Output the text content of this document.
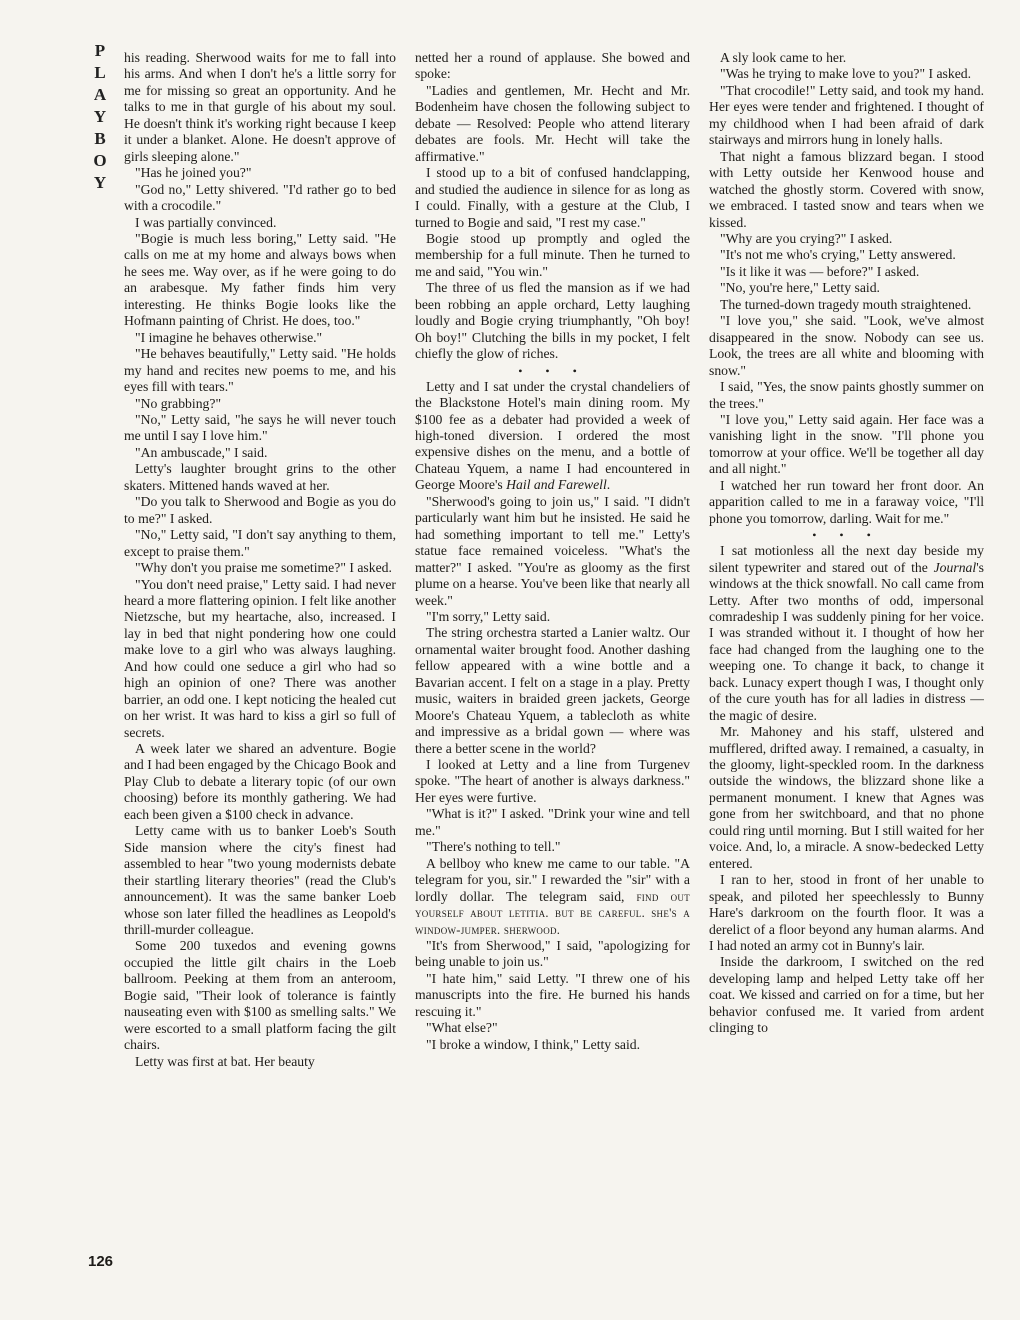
P
L
A
Y
B
O
Y
126

his reading. Sherwood waits for me to fall into his arms. And when I don't he's a little sorry for me for missing so great an opportunity. And he talks to me in that gurgle of his about my soul. He doesn't think it's working right because I keep it under a blanket. Alone. He doesn't approve of girls sleeping alone."

"Has he joined you?"

"God no," Letty shivered. "I'd rather go to bed with a crocodile."

I was partially convinced.

"Bogie is much less boring," Letty said. "He calls on me at my home and always bows when he sees me. Way over, as if he were going to do an arabesque. My father finds him very interesting. He thinks Bogie looks like the Hofmann painting of Christ. He does, too."

"I imagine he behaves otherwise."

"He behaves beautifully," Letty said. "He holds my hand and recites new poems to me, and his eyes fill with tears."

"No grabbing?"

"No," Letty said, "he says he will never touch me until I say I love him."

"An ambuscade," I said.

Letty's laughter brought grins to the other skaters. Mittened hands waved at her.

"Do you talk to Sherwood and Bogie as you do to me?" I asked.

"No," Letty said, "I don't say anything to them, except to praise them."

"Why don't you praise me sometime?" I asked.

"You don't need praise," Letty said. I had never heard a more flattering opinion. I felt like another Nietzsche, but my heartache, also, increased. I lay in bed that night pondering how one could make love to a girl who was always laughing. And how could one seduce a girl who had so high an opinion of one? There was another barrier, an odd one. I kept noticing the healed cut on her wrist. It was hard to kiss a girl so full of secrets.

A week later we shared an adventure. Bogie and I had been engaged by the Chicago Book and Play Club to debate a literary topic (of our own choosing) before its monthly gathering. We had each been given a $100 check in advance.

Letty came with us to banker Loeb's South Side mansion where the city's finest had assembled to hear "two young modernists debate their startling literary theories" (read the Club's announcement). It was the same banker Loeb whose son later filled the headlines as Leopold's thrill-murder colleague.

Some 200 tuxedos and evening gowns occupied the little gilt chairs in the Loeb ballroom. Peeking at them from an anteroom, Bogie said, "Their look of tolerance is faintly nauseating even with $100 as smelling salts." We were escorted to a small platform facing the gilt chairs.

Letty was first at bat. Her beauty

netted her a round of applause. She bowed and spoke:

"Ladies and gentlemen, Mr. Hecht and Mr. Bodenheim have chosen the following subject to debate — Resolved: People who attend literary debates are fools. Mr. Hecht will take the affirmative."

I stood up to a bit of confused handclapping, and studied the audience in silence for as long as I could. Finally, with a gesture at the Club, I turned to Bogie and said, "I rest my case."

Bogie stood up promptly and ogled the membership for a full minute. Then he turned to me and said, "You win."

The three of us fled the mansion as if we had been robbing an apple orchard, Letty laughing loudly and Bogie crying triumphantly, "Oh boy! Oh boy!" Clutching the bills in my pocket, I felt chiefly the glow of riches.

• • •

Letty and I sat under the crystal chandeliers of the Blackstone Hotel's main dining room. My $100 fee as a debater had provided a week of high-toned diversion. I ordered the most expensive dishes on the menu, and a bottle of Chateau Yquem, a name I had encountered in George Moore's Hail and Farewell.

"Sherwood's going to join us," I said. "I didn't particularly want him but he insisted. He said he had something important to tell me." Letty's statue face remained voiceless. "What's the matter?" I asked. "You're as gloomy as the first plume on a hearse. You've been like that nearly all week."

"I'm sorry," Letty said.

The string orchestra started a Lanier waltz. Our ornamental waiter brought food. Another dashing fellow appeared with a wine bottle and a Bavarian accent. I felt on a stage in a play. Pretty music, waiters in braided green jackets, George Moore's Chateau Yquem, a tablecloth as white and impressive as a bridal gown — where was there a better scene in the world?

I looked at Letty and a line from Turgenev spoke. "The heart of another is always darkness." Her eyes were furtive.

"What is it?" I asked. "Drink your wine and tell me."

"There's nothing to tell."

A bellboy who knew me came to our table. "A telegram for you, sir." I rewarded the "sir" with a lordly dollar. The telegram said, find out yourself about letitia. but be careful. she's a window-jumper. sherwood.

"It's from Sherwood," I said, "apologizing for being unable to join us."

"I hate him," said Letty. "I threw one of his manuscripts into the fire. He burned his hands rescuing it."

"What else?"

"I broke a window, I think," Letty said.

A sly look came to her.

"Was he trying to make love to you?" I asked.

"That crocodile!" Letty said, and took my hand. Her eyes were tender and frightened. I thought of my childhood when I had been afraid of dark stairways and mirrors hung in lonely halls.

That night a famous blizzard began. I stood with Letty outside her Kenwood house and watched the ghostly storm. Covered with snow, we embraced. I tasted snow and tears when we kissed.

"Why are you crying?" I asked.

"It's not me who's crying," Letty answered.

"Is it like it was — before?" I asked.

"No, you're here," Letty said.

The turned-down tragedy mouth straightened.

"I love you," she said. "Look, we've almost disappeared in the snow. Nobody can see us. Look, the trees are all white and blooming with snow."

I said, "Yes, the snow paints ghostly summer on the trees."

"I love you," Letty said again. Her face was a vanishing light in the snow. "I'll phone you tomorrow at your office. We'll be together all day and all night."

I watched her run toward her front door. An apparition called to me in a faraway voice, "I'll phone you tomorrow, darling. Wait for me."

• • •

I sat motionless all the next day beside my silent typewriter and stared out of the Journal's windows at the thick snowfall. No call came from Letty. After two months of odd, impersonal comradeship I was suddenly pining for her voice. I was stranded without it. I thought of how her face had changed from the laughing one to the weeping one. To change it back, to change it back. Lunacy expert though I was, I thought only of the cure youth has for all ladies in distress — the magic of desire.

Mr. Mahoney and his staff, ulstered and mufflered, drifted away. I remained, a casualty, in the gloomy, light-speckled room. In the darkness outside the windows, the blizzard shone like a permanent monument. I knew that Agnes was gone from her switchboard, and that no phone could ring until morning. But I still waited for her voice. And, lo, a miracle. A snow-bedecked Letty entered.

I ran to her, stood in front of her unable to speak, and piloted her speechlessly to Bunny Hare's darkroom on the fourth floor. It was a derelict of a floor beyond any human alarms. And I had noted an army cot in Bunny's lair.

Inside the darkroom, I switched on the red developing lamp and helped Letty take off her coat. We kissed and carried on for a time, but her behavior confused me. It varied from ardent clinging to
